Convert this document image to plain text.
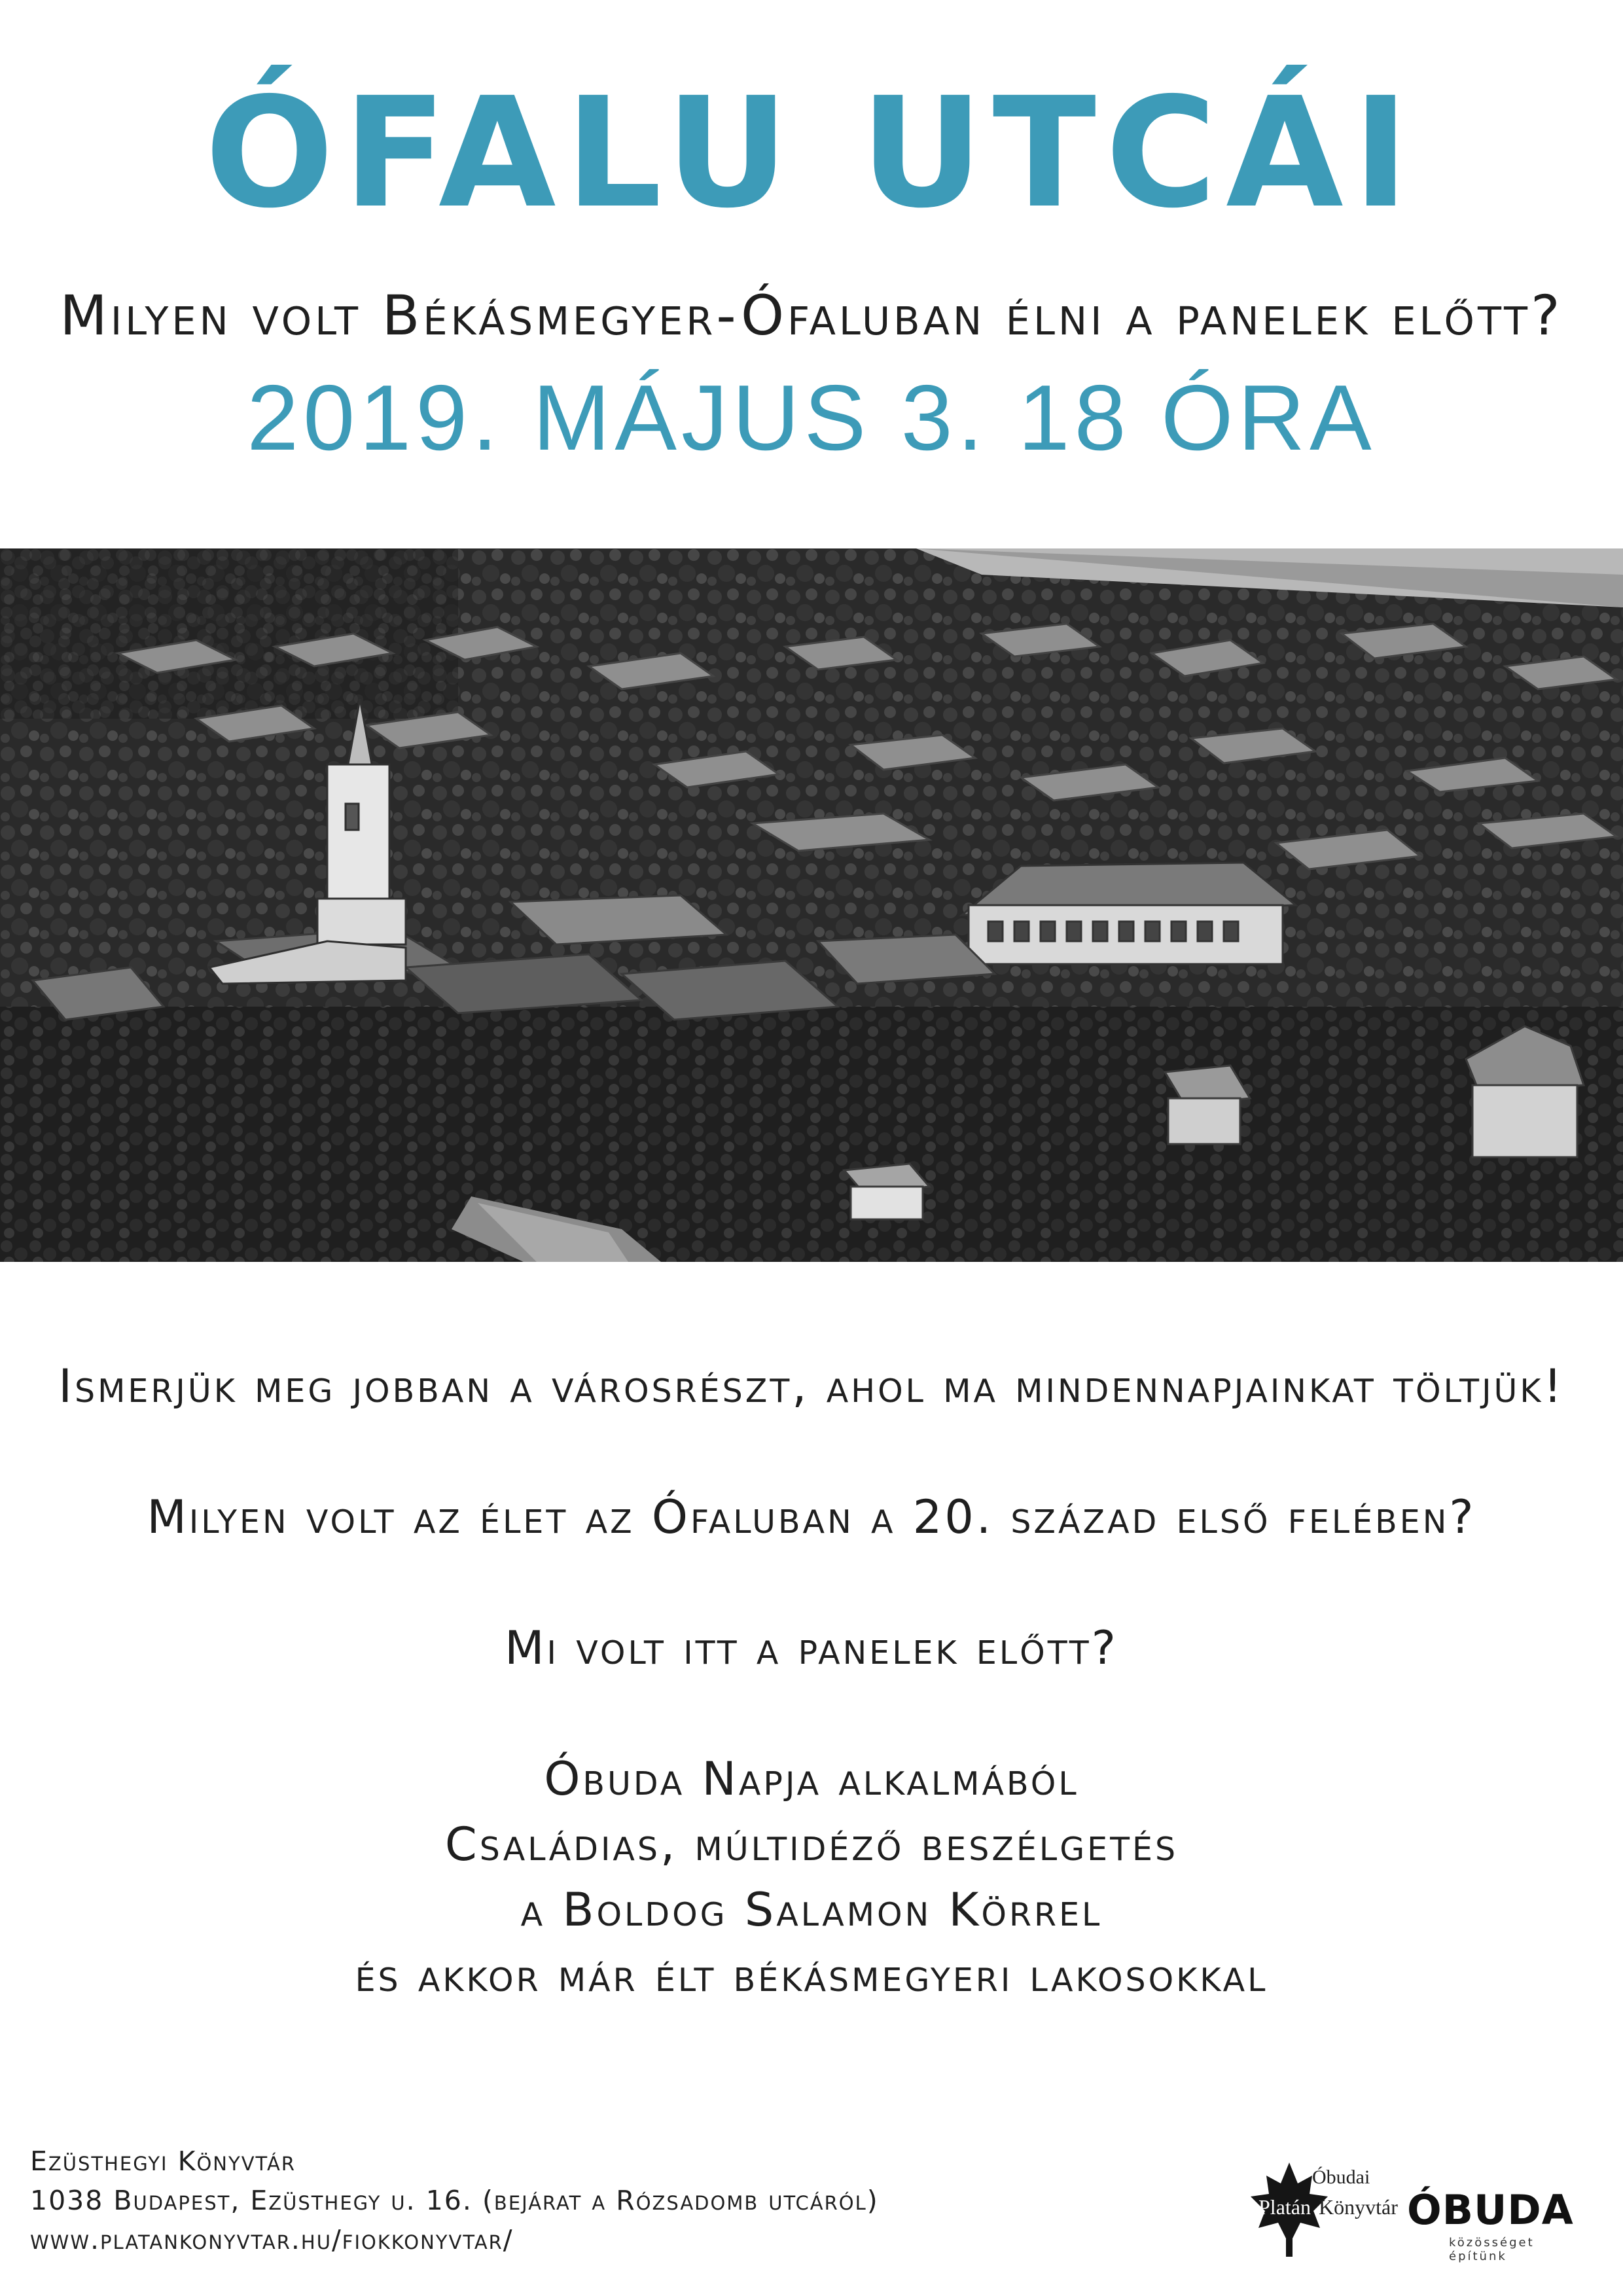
ÓFALU UTCÁI
Milyen volt Békásmegyer-Ófaluban élni a panelek előtt?
2019. MÁJUS 3. 18 ÓRA
Ismerjük meg jobban a városrészt, ahol ma mindennapjainkat töltjük!
Milyen volt az élet az Ófaluban a 20. század első felében?
Mi volt itt a panelek előtt?
Óbuda Napja alkalmából
Családias, múltidéző beszélgetés
a Boldog Salamon Körrel
és akkor már élt békásmegyeri lakosokkal
Ezüsthegyi Könyvtár
1038 Budapest, Ezüsthegy u. 16. (bejárat a Rózsadomb utcáról)
www.platankonyvtar.hu/fiokkonyvtar/
Óbudai
Platán Könyvtár ÓBUDA
közösséget építünk
